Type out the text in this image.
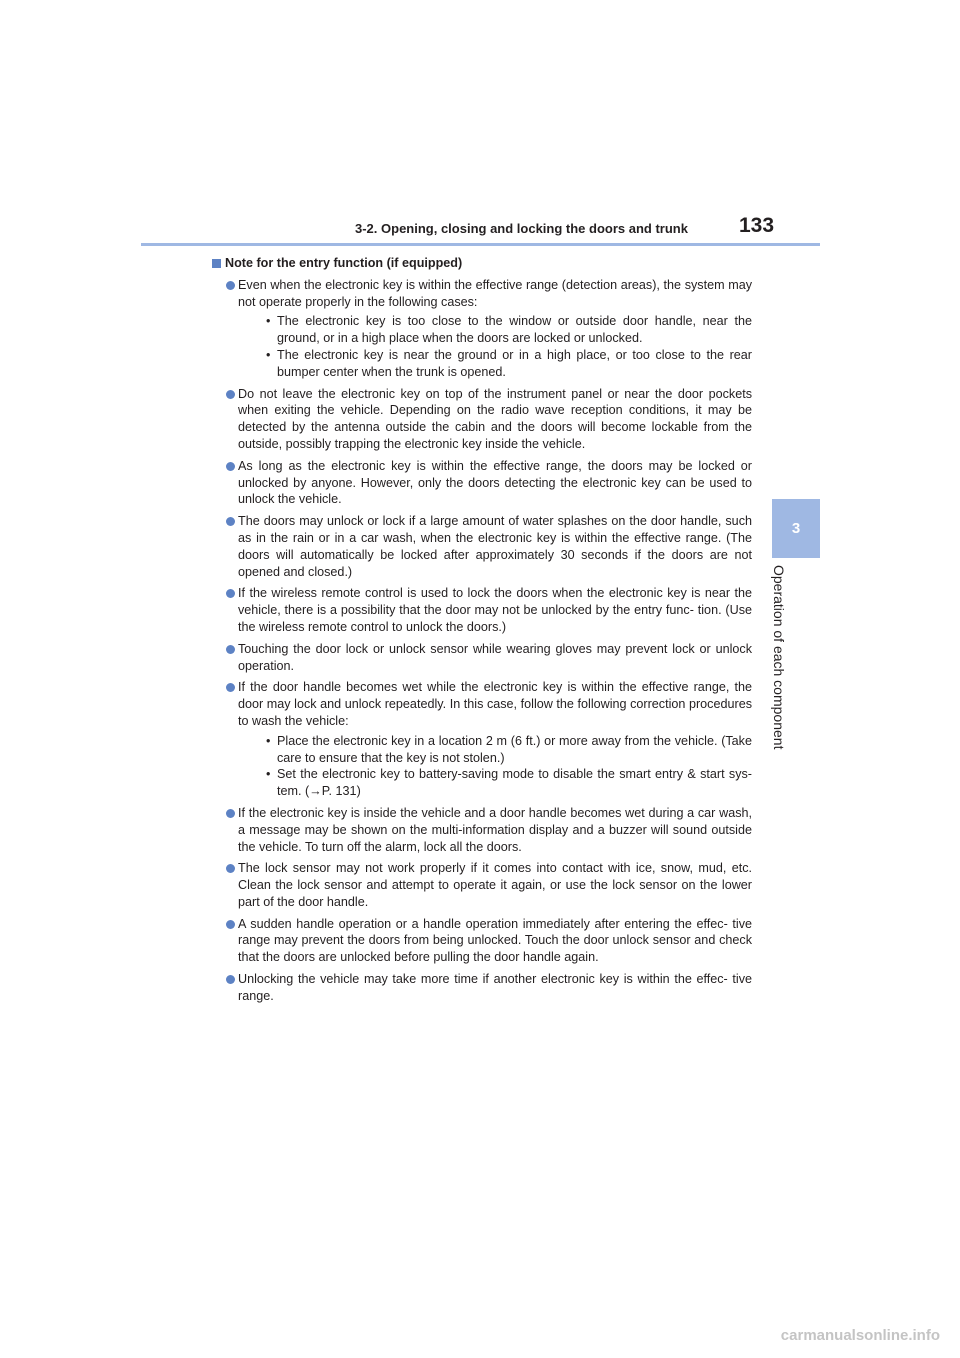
3-2. Opening, closing and locking the doors and trunk 133
3
Operation of each component
Note for the entry function (if equipped)
Even when the electronic key is within the effective range (detection areas), the system may not operate properly in the following cases:
• The electronic key is too close to the window or outside door handle, near the ground, or in a high place when the doors are locked or unlocked.
• The electronic key is near the ground or in a high place, or too close to the rear bumper center when the trunk is opened.
Do not leave the electronic key on top of the instrument panel or near the door pockets when exiting the vehicle. Depending on the radio wave reception conditions, it may be detected by the antenna outside the cabin and the doors will become lockable from the outside, possibly trapping the electronic key inside the vehicle.
As long as the electronic key is within the effective range, the doors may be locked or unlocked by anyone. However, only the doors detecting the electronic key can be used to unlock the vehicle.
The doors may unlock or lock if a large amount of water splashes on the door handle, such as in the rain or in a car wash, when the electronic key is within the effective range. (The doors will automatically be locked after approximately 30 seconds if the doors are not opened and closed.)
If the wireless remote control is used to lock the doors when the electronic key is near the vehicle, there is a possibility that the door may not be unlocked by the entry func- tion. (Use the wireless remote control to unlock the doors.)
Touching the door lock or unlock sensor while wearing gloves may prevent lock or unlock operation.
If the door handle becomes wet while the electronic key is within the effective range, the door may lock and unlock repeatedly. In this case, follow the following correction procedures to wash the vehicle:
• Place the electronic key in a location 2 m (6 ft.) or more away from the vehicle. (Take care to ensure that the key is not stolen.)
• Set the electronic key to battery-saving mode to disable the smart entry & start sys- tem. (→P. 131)
If the electronic key is inside the vehicle and a door handle becomes wet during a car wash, a message may be shown on the multi-information display and a buzzer will sound outside the vehicle. To turn off the alarm, lock all the doors.
The lock sensor may not work properly if it comes into contact with ice, snow, mud, etc. Clean the lock sensor and attempt to operate it again, or use the lock sensor on the lower part of the door handle.
A sudden handle operation or a handle operation immediately after entering the effec- tive range may prevent the doors from being unlocked. Touch the door unlock sensor and check that the doors are unlocked before pulling the door handle again.
Unlocking the vehicle may take more time if another electronic key is within the effec- tive range.
carmanualsonline.info
